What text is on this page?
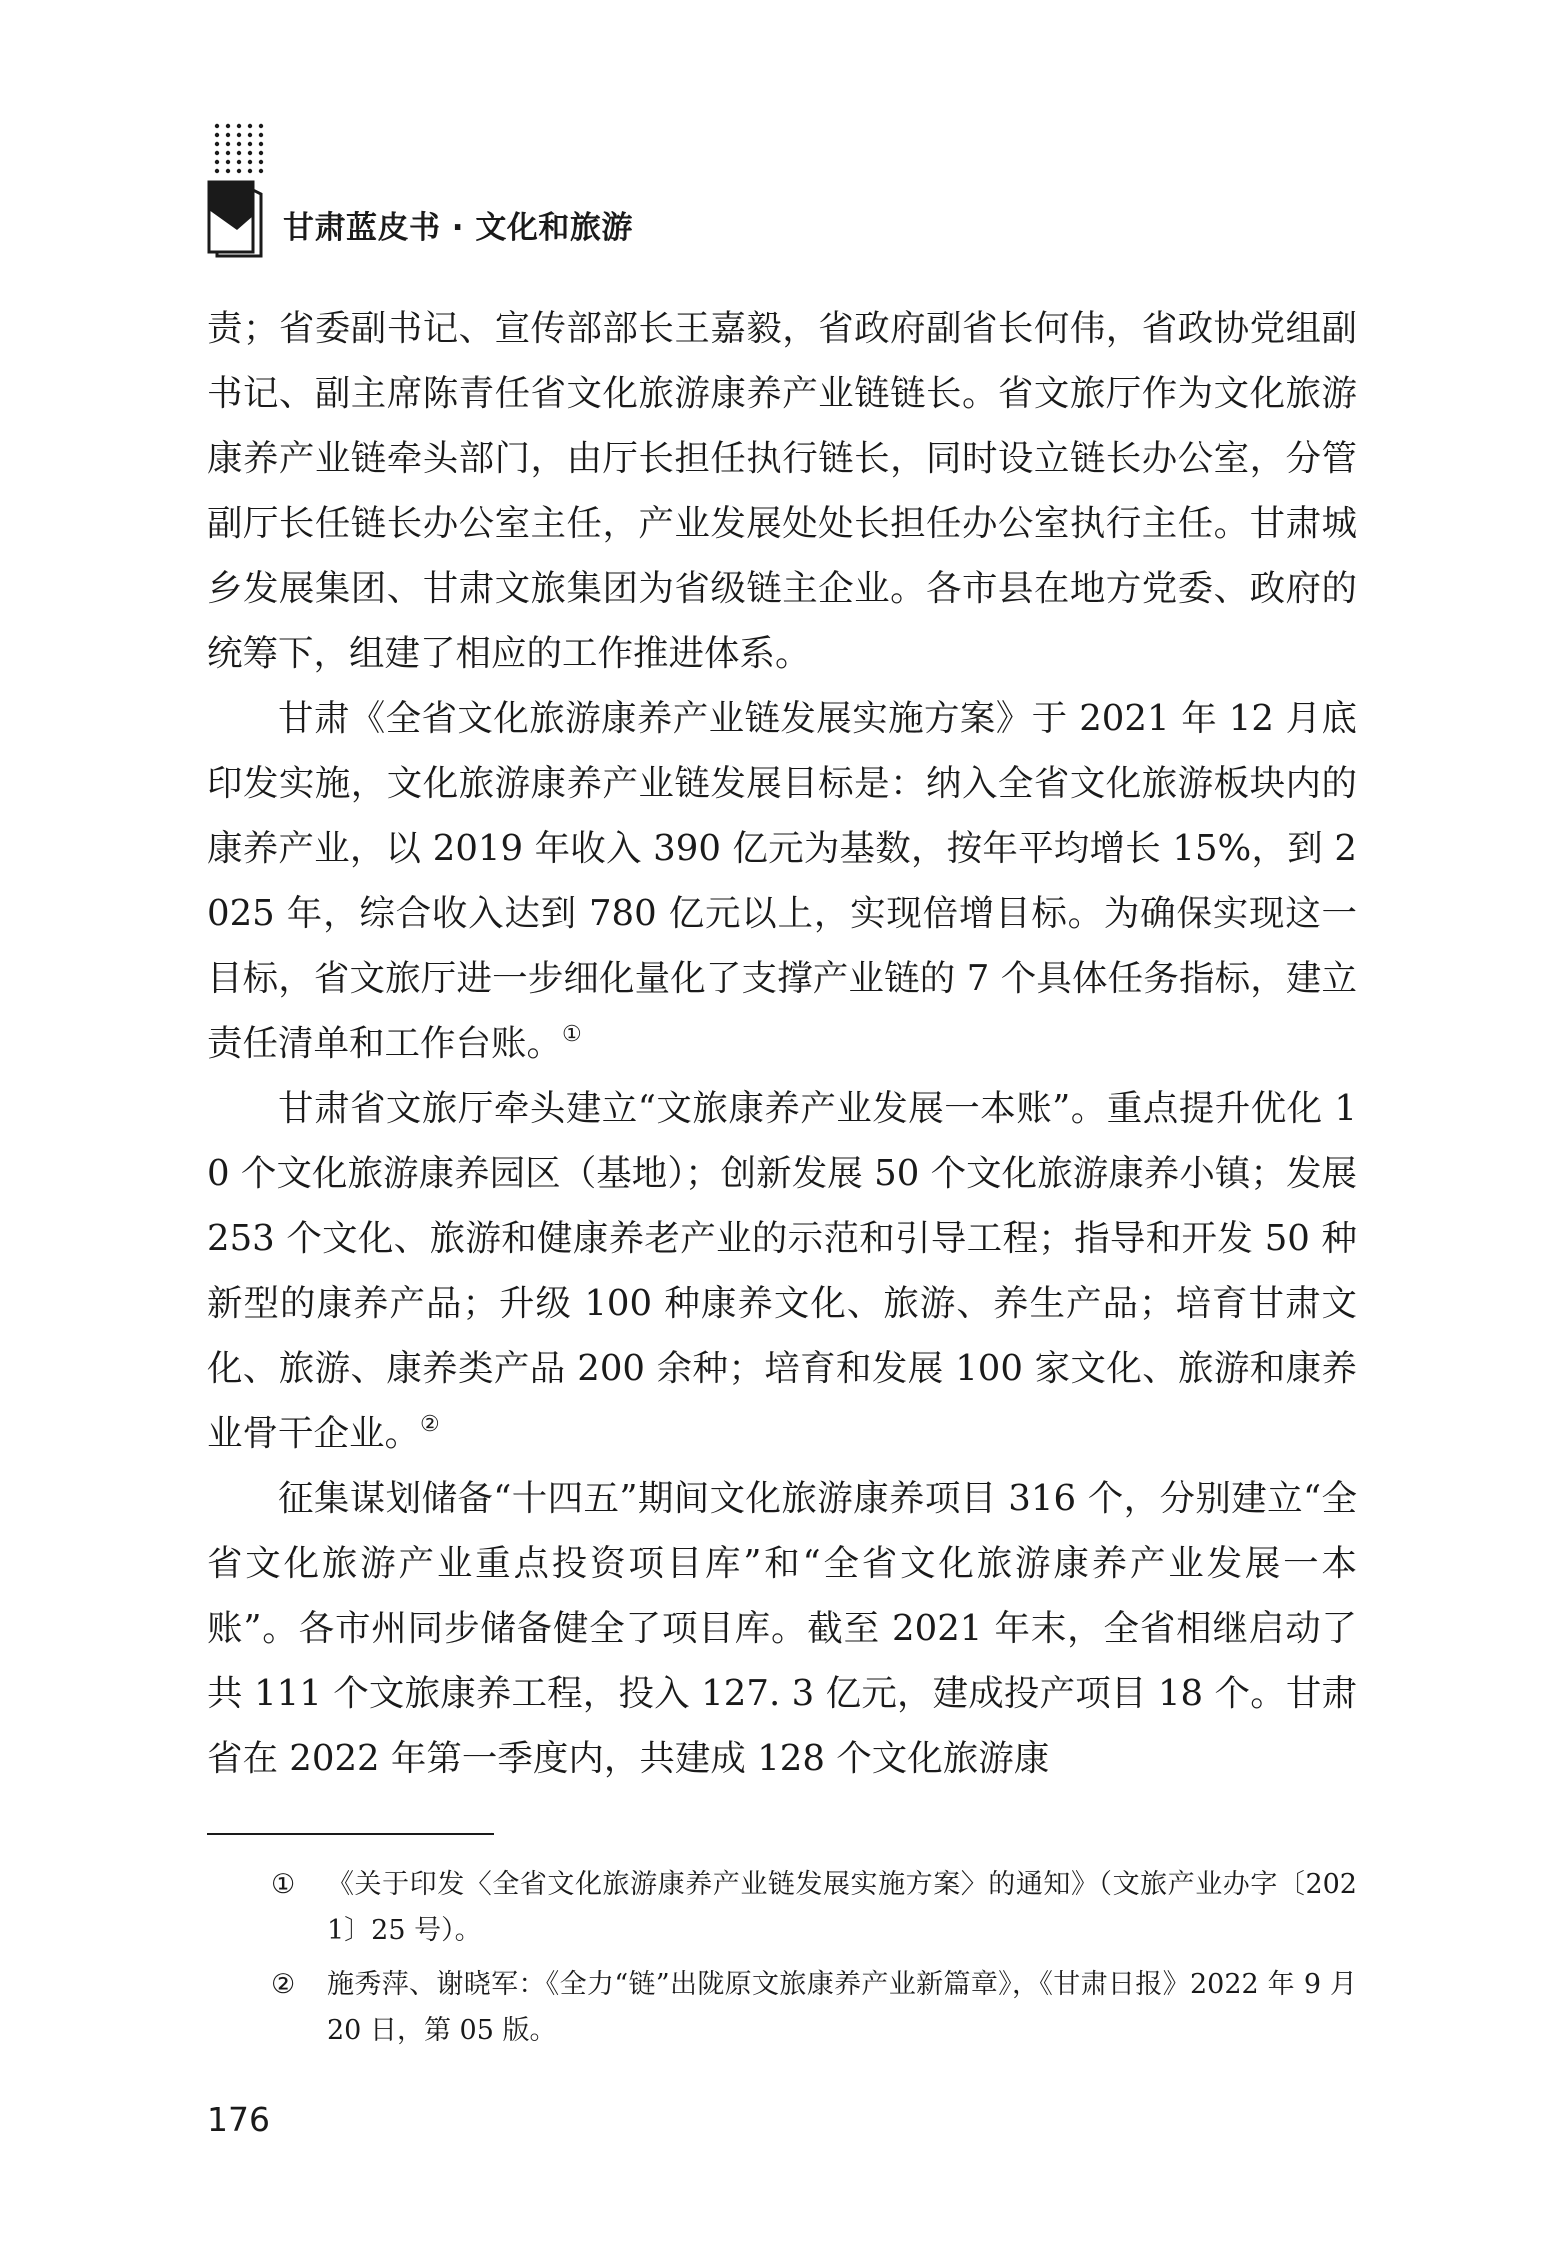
甘肃蓝皮书 · 文化和旅游

责；省委副书记、宣传部部长王嘉毅，省政府副省长何伟，省政协党组副书记、副主席陈青任省文化旅游康养产业链链长。省文旅厅作为文化旅游康养产业链牵头部门，由厅长担任执行链长，同时设立链长办公室，分管副厅长任链长办公室主任，产业发展处处长担任办公室执行主任。甘肃城乡发展集团、甘肃文旅集团为省级链主企业。各市县在地方党委、政府的统筹下，组建了相应的工作推进体系。

甘肃《全省文化旅游康养产业链发展实施方案》于 2021 年 12 月底印发实施，文化旅游康养产业链发展目标是：纳入全省文化旅游板块内的康养产业，以 2019 年收入 390 亿元为基数，按年平均增长 15%，到 2025 年，综合收入达到 780 亿元以上，实现倍增目标。为确保实现这一目标，省文旅厅进一步细化量化了支撑产业链的 7 个具体任务指标，建立责任清单和工作台账。①

甘肃省文旅厅牵头建立“文旅康养产业发展一本账”。重点提升优化 10 个文化旅游康养园区（基地）；创新发展 50 个文化旅游康养小镇；发展 253 个文化、旅游和健康养老产业的示范和引导工程；指导和开发 50 种新型的康养产品；升级 100 种康养文化、旅游、养生产品；培育甘肃文化、旅游、康养类产品 200 余种；培育和发展 100 家文化、旅游和康养业骨干企业。②

征集谋划储备“十四五”期间文化旅游康养项目 316 个，分别建立“全省文化旅游产业重点投资项目库”和“全省文化旅游康养产业发展一本账”。各市州同步储备健全了项目库。截至 2021 年末，全省相继启动了共 111 个文旅康养工程，投入 127. 3 亿元，建成投产项目 18 个。甘肃省在 2022 年第一季度内，共建成 128 个文化旅游康

① 《关于印发〈全省文化旅游康养产业链发展实施方案〉的通知》（文旅产业办字〔2021〕25 号）。
② 施秀萍、谢晓军：《全力“链”出陇原文旅康养产业新篇章》，《甘肃日报》2022 年 9 月 20 日，第 05 版。
176
